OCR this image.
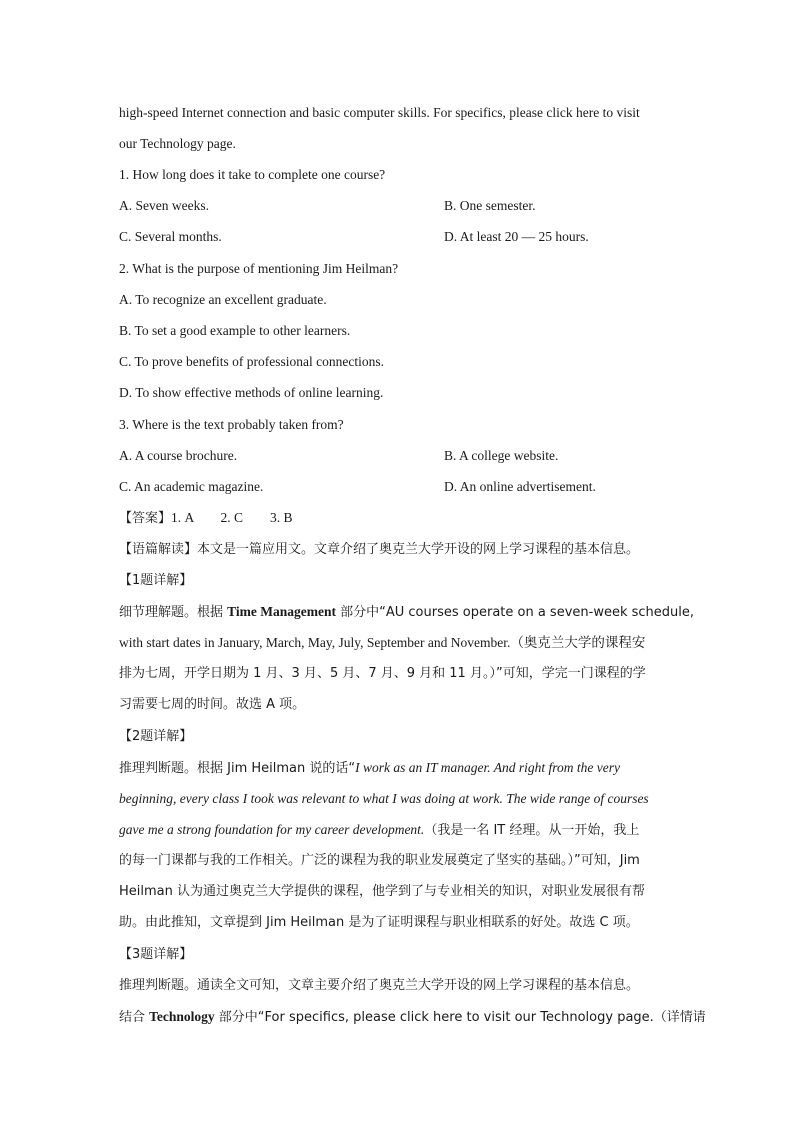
high-speed Internet connection and basic computer skills. For specifics, please click here to visit
our Technology page.
1. How long does it take to complete one course?
A. Seven weeks.	B. One semester.
C. Several months.	D. At least 20 — 25 hours.
2. What is the purpose of mentioning Jim Heilman?
A. To recognize an excellent graduate.
B. To set a good example to other learners.
C. To prove benefits of professional connections.
D. To show effective methods of online learning.
3. Where is the text probably taken from?
A. A course brochure.	B. A college website.
C. An academic magazine.	D. An online advertisement.
【答案】1. A        2. C        3. B
【语篇解读】本文是一篇应用文。文章介绍了奥克兰大学开设的网上学习课程的基本信息。
【1题详解】
细节理解题。根据 Time Management 部分中“AU courses operate on a seven-week schedule,
with start dates in January, March, May, July, September and November.（奥克兰大学的课程安
排为七周，开学日期为 1 月、3 月、5 月、7 月、9 月和 11 月。）”可知，学完一门课程的学
习需要七周的时间。故选 A 项。
【2题详解】
推理判断题。根据 Jim Heilman 说的话“I work as an IT manager. And right from the very
beginning, every class I took was relevant to what I was doing at work. The wide range of courses
gave me a strong foundation for my career development.（我是一名 IT 经理。从一开始，我上
的每一门课都与我的工作相关。广泛的课程为我的职业发展奠定了坚实的基础。）”可知，Jim
Heilman 认为通过奥克兰大学提供的课程，他学到了与专业相关的知识，对职业发展很有帮
助。由此推知，文章提到 Jim Heilman 是为了证明课程与职业相联系的好处。故选 C 项。
【3题详解】
推理判断题。通读全文可知，文章主要介绍了奥克兰大学开设的网上学习课程的基本信息。
结合 Technology 部分中“For specifics, please click here to visit our Technology page.（详情请
